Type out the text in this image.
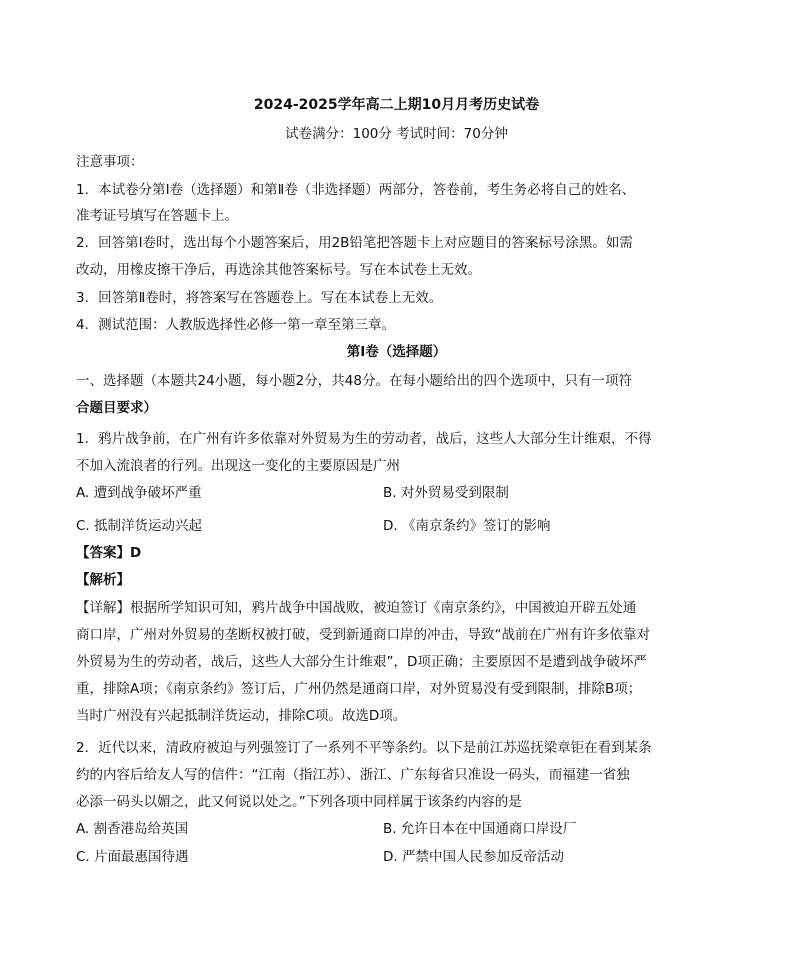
2024-2025学年高二上期10月月考历史试卷
试卷满分：100分 考试时间：70分钟
注意事项：
1．本试卷分第Ⅰ卷（选择题）和第Ⅱ卷（非选择题）两部分，答卷前，考生务必将自己的姓名、
准考证号填写在答题卡上。
2．回答第Ⅰ卷时，选出每个小题答案后，用2B铅笔把答题卡上对应题目的答案标号涂黑。如需
改动，用橡皮擦干净后，再选涂其他答案标号。写在本试卷上无效。
3．回答第Ⅱ卷时，将答案写在答题卷上。写在本试卷上无效。
4．测试范围：人教版选择性必修一第一章至第三章。
第Ⅰ卷（选择题）
一、选择题（本题共24小题，每小题2分，共48分。在每小题给出的四个选项中，只有一项符
合题目要求）
1．鸦片战争前，在广州有许多依靠对外贸易为生的劳动者，战后，这些人大部分生计维艰，不得
不加入流浪者的行列。出现这一变化的主要原因是广州
A. 遭到战争破坏严重	B. 对外贸易受到限制
C. 抵制洋货运动兴起	D. 《南京条约》签订的影响
【答案】D
【解析】
【详解】根据所学知识可知，鸦片战争中国战败，被迫签订《南京条约》，中国被迫开辟五处通
商口岸，广州对外贸易的垄断权被打破，受到新通商口岸的冲击，导致“战前在广州有许多依靠对
外贸易为生的劳动者，战后，这些人大部分生计维艰”，D项正确；主要原因不是遭到战争破坏严
重，排除A项；《南京条约》签订后，广州仍然是通商口岸，对外贸易没有受到限制，排除B项；
当时广州没有兴起抵制洋货运动，排除C项。故选D项。
2．近代以来，清政府被迫与列强签订了一系列不平等条约。以下是前江苏巡抚梁章钜在看到某条
约的内容后给友人写的信件：“江南（指江苏）、浙江、广东每省只准设一码头，而福建一省独
必添一码头以媚之，此又何说以处之。”下列各项中同样属于该条约内容的是
A. 割香港岛给英国	B. 允许日本在中国通商口岸设厂
C. 片面最惠国待遇	D. 严禁中国人民参加反帝活动
